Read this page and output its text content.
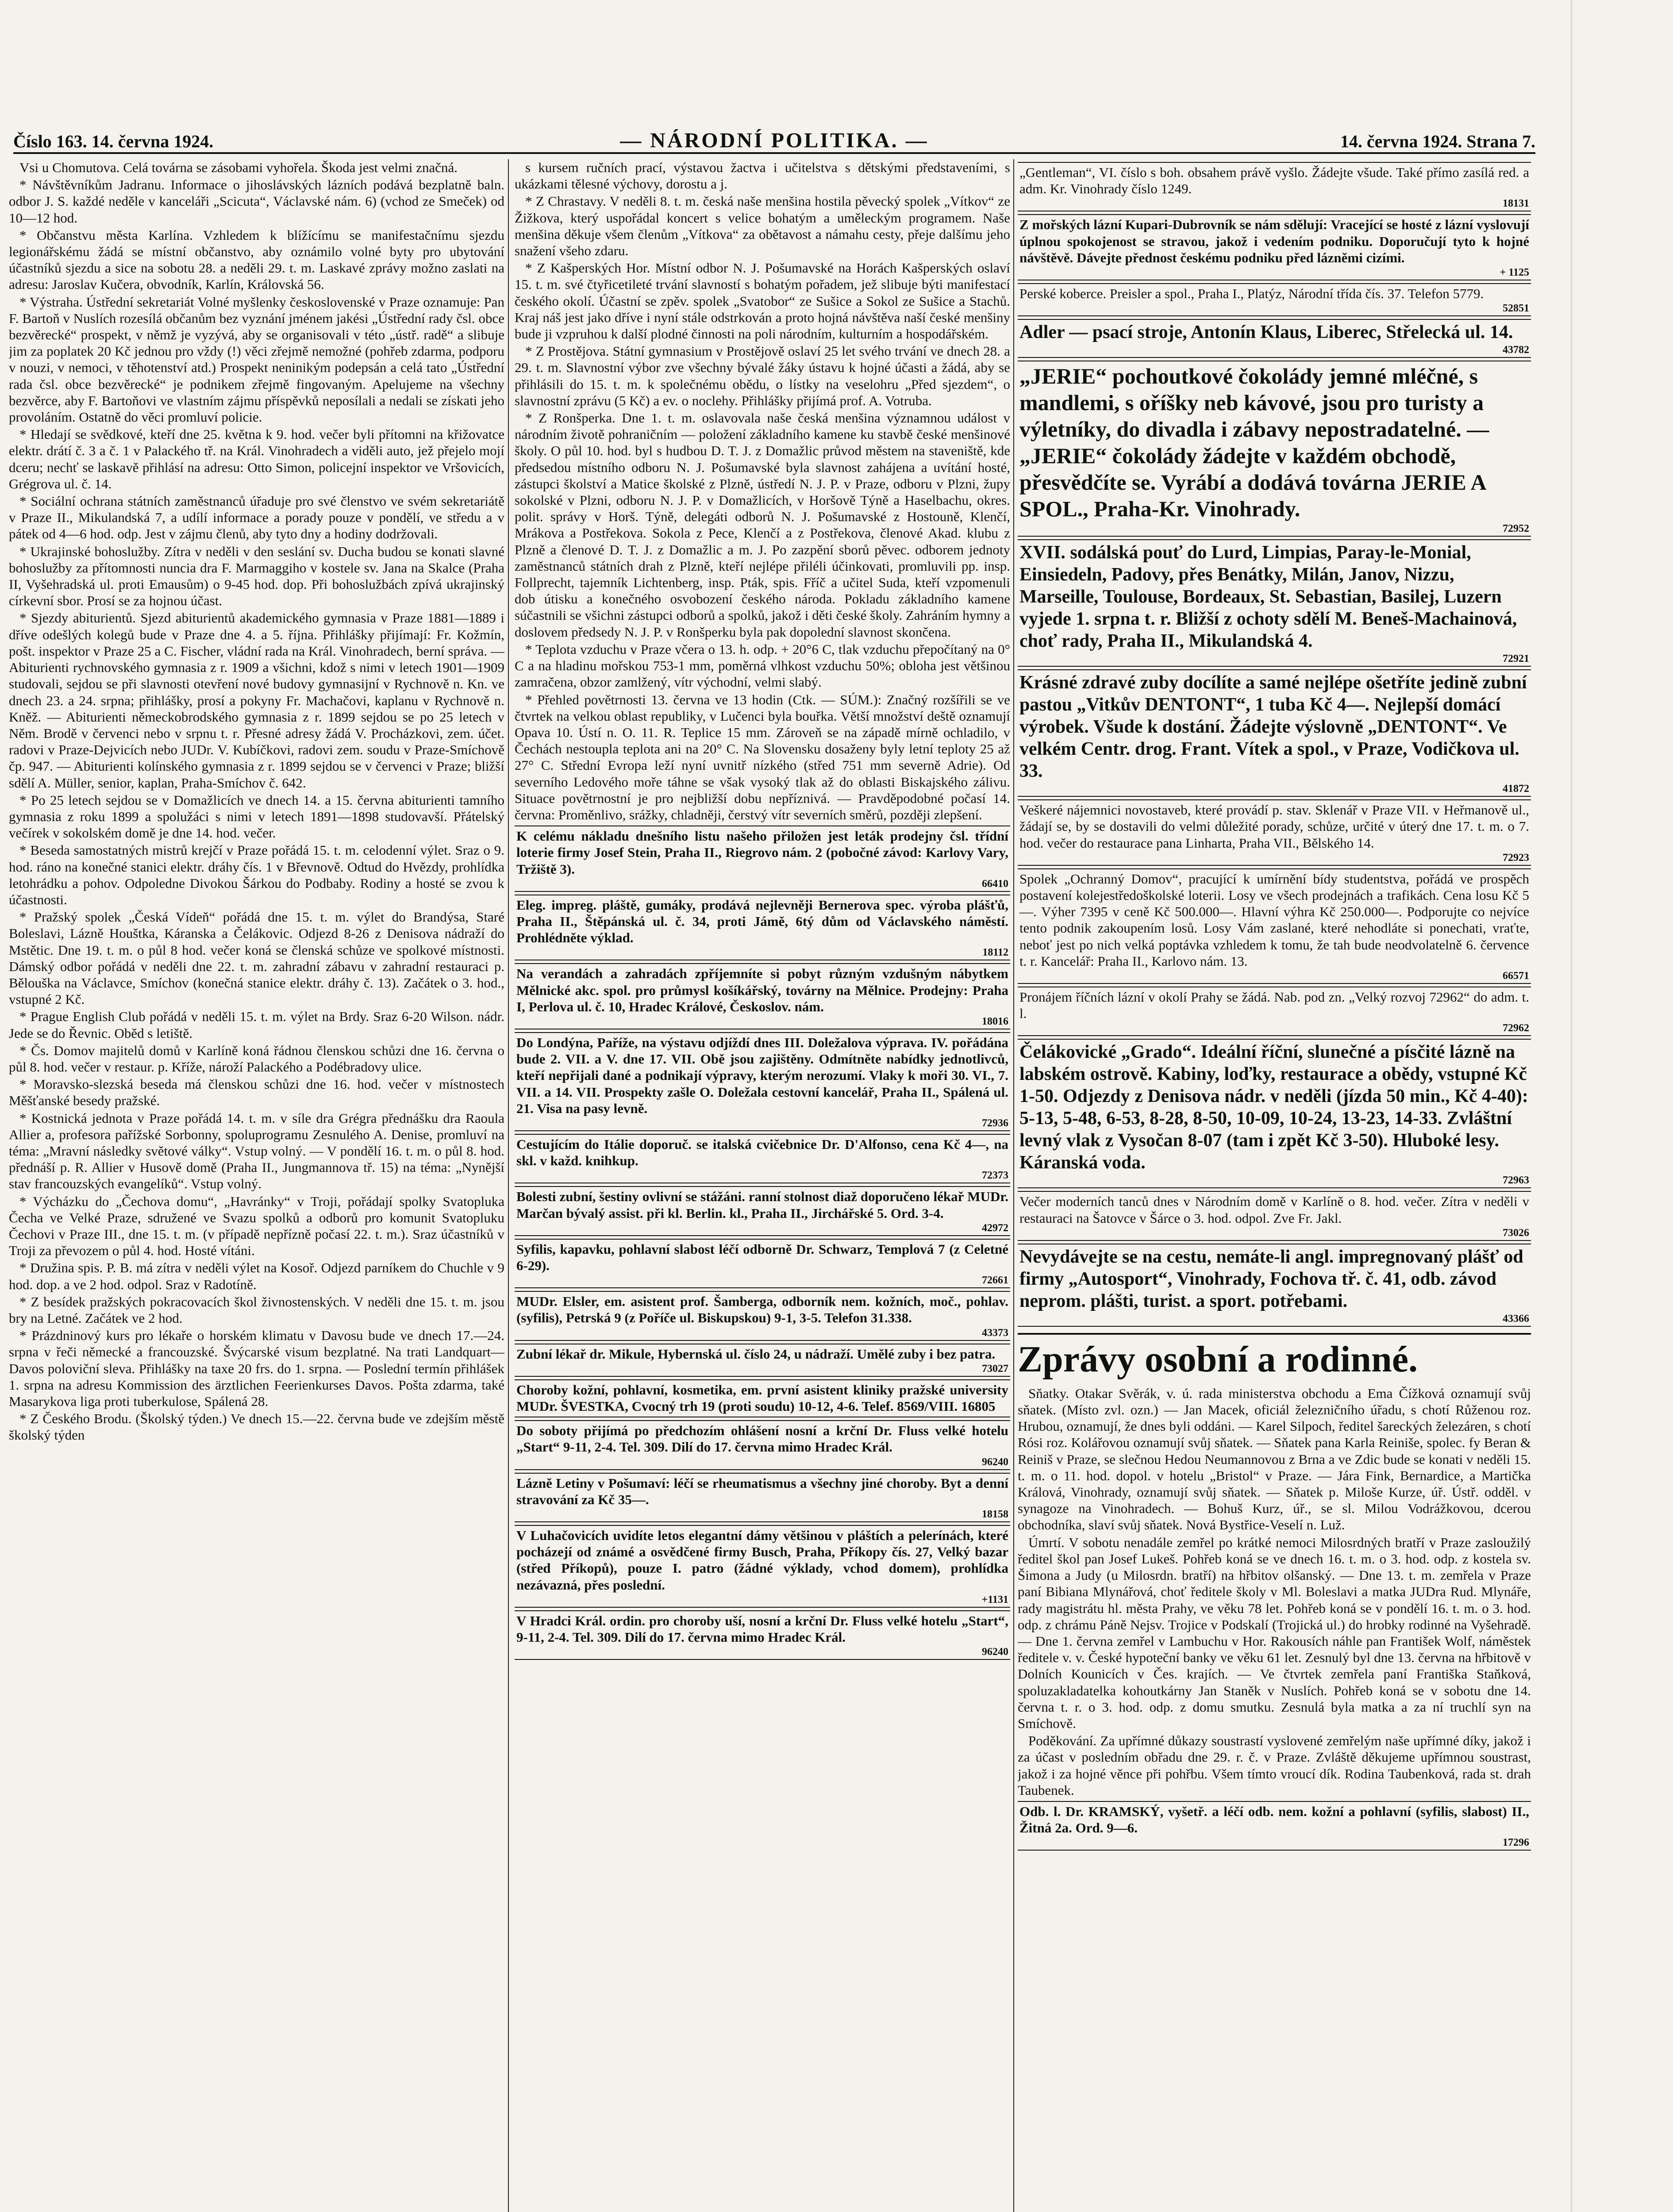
Číslo 163. 14. června 1924.	— NÁRODNÍ POLITIKA. —	14. června 1924. Strana 7.

Vsi u Chomutova. Celá továrna se zásobami vyhořela. Škoda jest velmi značná.

* Návštěvníkům Jadranu. Informace o jihoslávských lázních podává bezplatně baln. odbor J. S. každé neděle v kanceláři „Scicuta“, Václavské nám. 6) (vchod ze Smeček) od 10—12 hod.

* Občanstvu města Karlína. Vzhledem k blížícímu se manifestačnímu sjezdu legionářskému žádá se místní občanstvo, aby oznámilo volné byty pro ubytování účastníků sjezdu a sice na sobotu 28. a neděli 29. t. m. Laskavé zprávy možno zaslati na adresu: Jaroslav Kučera, obvodník, Karlín, Královská 56.

* Výstraha. Ústřední sekretariát Volné myšlenky československé v Praze oznamuje: Pan F. Bartoň v Nuslích rozesílá občanům bez vyznání jménem jakési „Ústřední rady čsl. obce bezvěrecké“ prospekt, v němž je vyzývá, aby se organisovali v této „ústř. radě“ a slibuje jim za poplatek 20 Kč jednou pro vždy (!) věci zřejmě nemožné (pohřeb zdarma, podporu v nouzi, v nemoci, v těhotenství atd.) Prospekt neninikým podepsán a celá tato „Ústřední rada čsl. obce bezvěrecké“ je podnikem zřejmě fingovaným. Apelujeme na všechny bezvěrce, aby F. Bartoňovi ve vlastním zájmu příspěvků neposílali a nedali se získati jeho provoláním. Ostatně do věci promluví policie.

* Hledají se svědkové, kteří dne 25. května k 9. hod. večer byli přítomni na křižovatce elektr. drátí č. 3 a č. 1 v Palackého tř. na Král. Vinohradech a viděli auto, jež přejelo mojí dceru; nechť se laskavě přihlásí na adresu: Otto Simon, policejní inspektor ve Vršovicích, Grégrova ul. č. 14.

* Sociální ochrana státních zaměstnanců úřaduje pro své členstvo ve svém sekretariátě v Praze II., Mikulandská 7, a udílí informace a porady pouze v pondělí, ve středu a v pátek od 4—6 hod. odp. Jest v zájmu členů, aby tyto dny a hodiny dodržovali.

* Ukrajinské bohoslužby. Zítra v neděli v den seslání sv. Ducha budou se konati slavné bohoslužby za přítomnosti nuncia dra F. Marmaggiho v kostele sv. Jana na Skalce (Praha II, Vyšehradská ul. proti Emausům) o 9-45 hod. dop. Při bohoslužbách zpívá ukrajinský církevní sbor. Prosí se za hojnou účast.

* Sjezdy abiturientů. Sjezd abiturientů akademického gymnasia v Praze 1881—1889 i dříve odešlých kolegů bude v Praze dne 4. a 5. října. Přihlášky přijímají: Fr. Kožmín, pošt. inspektor v Praze 25 a C. Fischer, vládní rada na Král. Vinohradech, berní správa. — Abiturienti rychnovského gymnasia z r. 1909 a všichni, kdož s nimi v letech 1901—1909 studovali, sejdou se při slavnosti otevření nové budovy gymnasijní v Rychnově n. Kn. ve dnech 23. a 24. srpna; přihlášky, prosí a pokyny Fr. Machačovi, kaplanu v Rychnově n. Kněž. — Abiturienti německobrodského gymnasia z r. 1899 sejdou se po 25 letech v Něm. Brodě v červenci nebo v srpnu t. r. Přesné adresy žádá V. Procházkovi, zem. účet. radovi v Praze-Dejvicích nebo JUDr. V. Kubíčkovi, radovi zem. soudu v Praze-Smíchově čp. 947. — Abiturienti kolínského gymnasia z r. 1899 sejdou se v červenci v Praze; bližší sdělí A. Müller, senior, kaplan, Praha-Smíchov č. 642.

* Po 25 letech sejdou se v Domažlicích ve dnech 14. a 15. června abiturienti tamního gymnasia z roku 1899 a spolužáci s nimi v letech 1891—1898 studovavší. Přátelský večírek v sokolském domě je dne 14. hod. večer.

* Beseda samostatných mistrů krejčí v Praze pořádá 15. t. m. celodenní výlet. Sraz o 9. hod. ráno na konečné stanici elektr. dráhy čís. 1 v Břevnově. Odtud do Hvězdy, prohlídka letohrádku a pohov. Odpoledne Divokou Šárkou do Podbaby. Rodiny a hosté se zvou k účastnosti.

* Pražský spolek „Česká Vídeň“ pořádá dne 15. t. m. výlet do Brandýsa, Staré Boleslavi, Lázně Houštka, Káranska a Čelákovic. Odjezd 8-26 z Denisova nádraží do Mstětic. Dne 19. t. m. o půl 8 hod. večer koná se členská schůze ve spolkové místnosti. Dámský odbor pořádá v neděli dne 22. t. m. zahradní zábavu v zahradní restauraci p. Bělouška na Václavce, Smíchov (konečná stanice elektr. dráhy č. 13). Začátek o 3. hod., vstupné 2 Kč.

* Prague English Club pořádá v neděli 15. t. m. výlet na Brdy. Sraz 6-20 Wilson. nádr. Jede se do Řevnic. Oběd s letiště.

* Čs. Domov majitelů domů v Karlíně koná řádnou členskou schůzi dne 16. června o půl 8. hod. večer v restaur. p. Kříže, nároží Palackého a Podébradovy ulice.

* Moravsko-slezská beseda má členskou schůzi dne 16. hod. večer v místnostech Měšťanské besedy pražské.

* Kostnická jednota v Praze pořádá 14. t. m. v síle dra Grégra přednášku dra Raoula Allier a, profesora pařížské Sorbonny, spoluprogramu Zesnulého A. Denise, promluví na téma: „Mravní následky světové války“. Vstup volný. — V pondělí 16. t. m. o půl 8. hod. přednáší p. R. Allier v Husově domě (Praha II., Jungmannova tř. 15) na téma: „Nynější stav francouzských evangelíků“. Vstup volný.

* Výcházku do „Čechova domu“, „Havránky“ v Troji, pořádají spolky Svatopluka Čecha ve Velké Praze, sdružené ve Svazu spolků a odborů pro komunit Svatopluku Čechovi v Praze III., dne 15. t. m. (v případě nepřízně počasí 22. t. m.). Sraz účastníků v Troji za převozem o půl 4. hod. Hosté vítáni.

* Družina spis. P. B. má zítra v neděli výlet na Kosoř. Odjezd parníkem do Chuchle v 9 hod. dop. a ve 2 hod. odpol. Sraz v Radotíně.

* Z besídek pražských pokracovacích škol živnostenských. V neděli dne 15. t. m. jsou bry na Letné. Začátek ve 2 hod.

* Prázdninový kurs pro lékaře o horském klimatu v Davosu bude ve dnech 17.—24. srpna v řeči německé a francouzské. Švýcarské visum bezplatné. Na trati Landquart—Davos poloviční sleva. Přihlášky na taxe 20 frs. do 1. srpna. — Poslední termín přihlášek 1. srpna na adresu Kommission des ärztlichen Feerienkurses Davos. Pošta zdarma, také Masarykova liga proti tuberkulose, Spálená 28.

* Z Českého Brodu. (Školský týden.) Ve dnech 15.—22. června bude ve zdejším městě školský týden

s kursem ručních prací, výstavou žactva i učitelstva s dětskými představeními, s ukázkami tělesné výchovy, dorostu a j.

* Z Chrastavy. V neděli 8. t. m. česká naše menšina hostila pěvecký spolek „Vítkov“ ze Žižkova, který uspořádal koncert s velice bohatým a uměleckým programem. Naše menšina děkuje všem členům „Vítkova“ za obětavost a námahu cesty, přeje dalšímu jeho snažení všeho zdaru.

* Z Kašperských Hor. Místní odbor N. J. Pošumavské na Horách Kašperských oslaví 15. t. m. své čtyřicetileté trvání slavností s bohatým pořadem, jež slibuje býti manifestací českého okolí. Účastní se zpěv. spolek „Svatobor“ ze Sušice a Sokol ze Sušice a Stachů. Kraj náš jest jako dříve i nyní stále odstrkován a proto hojná návštěva naší české menšiny bude ji vzpruhou k další plodné činnosti na poli národním, kulturním a hospodářském.

* Z Prostějova. Státní gymnasium v Prostějově oslaví 25 let svého trvání ve dnech 28. a 29. t. m. Slavnostní výbor zve všechny bývalé žáky ústavu k hojné účasti a žádá, aby se přihlásili do 15. t. m. k společnému obědu, o lístky na veselohru „Před sjezdem“, o slavnostní zprávu (5 Kč) a ev. o noclehy. Přihlášky přijímá prof. A. Votruba.

* Z Ronšperka. Dne 1. t. m. oslavovala naše česká menšina významnou událost v národním životě pohraničním — položení základního kamene ku stavbě české menšinové školy. O půl 10. hod. byl s hudbou D. T. J. z Domažlic průvod městem na staveniště, kde předsedou místního odboru N. J. Pošumavské byla slavnost zahájena a uvítání hosté, zástupci školství a Matice školské z Plzně, ústředí N. J. P. v Praze, odboru v Plzni, župy sokolské v Plzni, odboru N. J. P. v Domažlicích, v Horšově Týně a Haselbachu, okres. polit. správy v Horš. Týně, delegáti odborů N. J. Pošumavské z Hostouně, Klenčí, Mrákova a Postřekova. Sokola z Pece, Klenčí a z Postřekova, členové Akad. klubu z Plzně a členové D. T. J. z Domažlic a m. J. Po zazpění sborů pěvec. odborem jednoty zaměstnanců státních drah z Plzně, kteří nejlépe přiléli účinkovati, promluvili pp. insp. Follprecht, tajemník Lichtenberg, insp. Pták, spis. Fříč a učitel Suda, kteří vzpomenuli dob útisku a konečného osvobození českého národa. Pokladu základního kamene súčastnili se všichni zástupci odborů a spolků, jakož i děti české školy. Zahráním hymny a doslovem předsedy N. J. P. v Ronšperku byla pak dopolední slavnost skončena.

* Teplota vzduchu v Praze včera o 13. h. odp. + 20°6 C, tlak vzduchu přepočítaný na 0° C a na hladinu mořskou 753-1 mm, poměrná vlhkost vzduchu 50%; obloha jest většinou zamračena, obzor zamlžený, vítr východní, velmi slabý.

* Přehled povětrnosti 13. června ve 13 hodin (Ctk. — SÚM.): Značný rozšířili se ve čtvrtek na velkou oblast republiky, v Lučenci byla bouřka. Větší množství deště oznamují Opava 10. Ústí n. O. 11. R. Teplice 15 mm. Zároveň se na západě mírně ochladilo, v Čechách nestoupla teplota ani na 20° C. Na Slovensku dosaženy byly letní teploty 25 až 27° C. Střední Evropa leží nyní uvnitř nízkého (střed 751 mm severně Adrie). Od severního Ledového moře táhne se však vysoký tlak až do oblasti Biskajského zálivu. Situace povětrnostní je pro nejbližší dobu nepříznivá. — Pravděpodobné počasí 14. června: Proměnlivo, srážky, chladněji, čerstvý vítr severních směrů, později zlepšení.

K celému nákladu dnešního listu našeho přiložen jest leták prodejny čsl. třídní loterie firmy Josef Stein, Praha II., Riegrovo nám. 2 (pobočné závod: Karlovy Vary, Tržiště 3).

66410

Eleg. impreg. pláště, gumáky, prodává nejlevněji Bernerova spec. výroba plášťů, Praha II., Štěpánská ul. č. 34, proti Jámě, 6tý dům od Václavského náměstí. Prohlédněte výklad.

18112

Na verandách a zahradách zpříjemníte si pobyt různým vzdušným nábytkem Mělnické akc. spol. pro průmysl košíkářský, továrny na Mělnice. Prodejny: Praha I, Perlova ul. č. 10, Hradec Králové, Českoslov. nám.

18016

Do Londýna, Paříže, na výstavu odjíždí dnes III. Doležalova výprava. IV. pořádána bude 2. VII. a V. dne 17. VII. Obě jsou zajištěny. Odmítněte nabídky jednotlivců, kteří nepřijali dané a podnikají výpravy, kterým nerozumí. Vlaky k moři 30. VI., 7. VII. a 14. VII. Prospekty zašle O. Doležala cestovní kancelář, Praha II., Spálená ul. 21. Visa na pasy levně.

72936

Cestujícím do Itálie doporuč. se italská cvičebnice Dr. D'Alfonso, cena Kč 4—, na skl. v každ. knihkup.

72373

Bolesti zubní, šestiny ovlivní se stážáni. ranní stolnost diaž doporučeno lékař MUDr. Marčan bývalý assist. při kl. Berlin. kl., Praha II., Jirchářské 5. Ord. 3-4.

42972

Syfilis, kapavku, pohlavní slabost léčí odborně Dr. Schwarz, Templová 7 (z Celetné 6-29).

72661

MUDr. Elsler, em. asistent prof. Šamberga, odborník nem. kožních, moč., pohlav. (syfilis), Petrská 9 (z Poříče ul. Biskupskou) 9-1, 3-5. Telefon 31.338.

43373

Zubní lékař dr. Mikule, Hybernská ul. číslo 24, u nádraží. Umělé zuby i bez patra.

73027

Choroby kožní, pohlavní, kosmetika, em. první asistent kliniky pražské university MUDr. ŠVESTKA, Cvocný trh 19 (proti soudu) 10-12, 4-6. Telef. 8569/VIII. 16805

Do soboty přijímá po předchozím ohlášení nosní a krční Dr. Fluss velké hotelu „Start“ 9-11, 2-4. Tel. 309. Dilí do 17. června mimo Hradec Král.

96240

Lázně Letiny v Pošumaví: léčí se rheumatismus a všechny jiné choroby. Byt a denní stravování za Kč 35—.

18158

V Luhačovicích uvidíte letos elegantní dámy většinou v pláštích a pelerínách, které pocházejí od známé a osvědčené firmy Busch, Praha, Příkopy čís. 27, Velký bazar (střed Příkopů), pouze I. patro (žádné výklady, vchod domem), prohlídka nezávazná, přes poslední.

+1131

V Hradci Král. ordin. pro choroby uší, nosní a krční Dr. Fluss velké hotelu „Start“, 9-11, 2-4. Tel. 309. Dilí do 17. června mimo Hradec Král.

96240

„Gentleman“, VI. číslo s boh. obsahem právě vyšlo. Žádejte všude. Také přímo zasílá red. a adm. Kr. Vinohrady číslo 1249.

18131

Z mořských lázní Kupari-Dubrovník se nám sdělují: Vracející se hosté z lázní vyslovují úplnou spokojenost se stravou, jakož i vedením podniku. Doporučují tyto k hojné návštěvě. Dávejte přednost českému podniku před lázněmi cizími.

+ 1125

Perské koberce. Preisler a spol., Praha I., Platýz, Národní třída čís. 37. Telefon 5779.

52851

Adler — psací stroje, Antonín Klaus, Liberec, Střelecká ul. 14.

43782

„JERIE“ pochoutkové čokolády jemné mléčné, s mandlemi, s oříšky neb kávové, jsou pro turisty a výletníky, do divadla i zábavy nepostradatelné. — „JERIE“ čokolády žádejte v každém obchodě, přesvědčíte se. Vyrábí a dodává továrna JERIE A SPOL., Praha-Kr. Vinohrady.

72952

XVII. sodálská pouť do Lurd, Limpias, Paray-le-Monial, Einsiedeln, Padovy, přes Benátky, Milán, Janov, Nizzu, Marseille, Toulouse, Bordeaux, St. Sebastian, Basilej, Luzern vyjede 1. srpna t. r. Bližší z ochoty sdělí M. Beneš-Machainová, choť rady, Praha II., Mikulandská 4.

72921

Krásné zdravé zuby docílíte a samé nejlépe ošetříte jedině zubní pastou „Vitkův DENTONT“, 1 tuba Kč 4—. Nejlepší domácí výrobek. Všude k dostání. Žádejte výslovně „DENTONT“. Ve velkém Centr. drog. Frant. Vítek a spol., v Praze, Vodičkova ul. 33.

41872

Veškeré nájemnici novostaveb, které provádí p. stav. Sklenář v Praze VII. v Heřmanově ul., žádají se, by se dostavili do velmi důležité porady, schůze, určité v úterý dne 17. t. m. o 7. hod. večer do restaurace pana Linharta, Praha VII., Bělského 14.

72923

Spolek „Ochranný Domov“, pracující k umírnění bídy studentstva, pořádá ve prospěch postavení kolejestředoškolské loterii. Losy ve všech prodejnách a trafikách. Cena losu Kč 5—. Výher 7395 v ceně Kč 500.000—. Hlavní výhra Kč 250.000—. Podporujte co nejvíce tento podnik zakoupením losů. Losy Vám zaslané, které nehodláte si ponechati, vraťte, neboť jest po nich velká poptávka vzhledem k tomu, že tah bude neodvolatelně 6. července t. r. Kancelář: Praha II., Karlovo nám. 13.

66571

Pronájem říčních lázní v okolí Prahy se žádá. Nab. pod zn. „Velký rozvoj 72962“ do adm. t. l.

72962

Čelákovické „Grado“. Ideální říční, slunečné a písčité lázně na labském ostrově. Kabiny, loďky, restaurace a obědy, vstupné Kč 1-50. Odjezdy z Denisova nádr. v neděli (jízda 50 min., Kč 4-40): 5-13, 5-48, 6-53, 8-28, 8-50, 10-09, 10-24, 13-23, 14-33. Zvláštní levný vlak z Vysočan 8-07 (tam i zpět Kč 3-50). Hluboké lesy. Káranská voda.

72963

Večer moderních tanců dnes v Národním domě v Karlíně o 8. hod. večer. Zítra v neděli v restauraci na Šatovce v Šárce o 3. hod. odpol. Zve Fr. Jakl.

73026

Nevydávejte se na cestu, nemáte-li angl. impregnovaný plášť od firmy „Autosport“, Vinohrady, Fochova tř. č. 41, odb. závod neprom. plášti, turist. a sport. potřebami.

43366
Zprávy osobní a rodinné.

Sňatky. Otakar Svěrák, v. ú. rada ministerstva obchodu a Ema Čížková oznamují svůj sňatek. (Místo zvl. ozn.) — Jan Macek, oficiál železničního úřadu, s chotí Růženou roz. Hrubou, oznamují, že dnes byli oddáni. — Karel Silpoch, ředitel šareckých železáren, s chotí Rósi roz. Kolářovou oznamují svůj sňatek. — Sňatek pana Karla Reiniše, spolec. fy Beran & Reiniš v Praze, se slečnou Hedou Neumannovou z Brna a ve Zdic bude se konati v neděli 15. t. m. o 11. hod. dopol. v hotelu „Bristol“ v Praze. — Jára Fink, Bernardice, a Martička Králová, Vinohrady, oznamují svůj sňatek. — Sňatek p. Miloše Kurze, úř. Ústř. odděl. v synagoze na Vinohradech. — Bohuš Kurz, úř., se sl. Milou Vodrážkovou, dcerou obchodníka, slaví svůj sňatek. Nová Bystřice-Veselí n. Luž.

Úmrtí. V sobotu nenadále zemřel po krátké nemoci Milosrdných bratří v Praze zasloužilý ředitel škol pan Josef Lukeš. Pohřeb koná se ve dnech 16. t. m. o 3. hod. odp. z kostela sv. Šimona a Judy (u Milosrdn. bratří) na hřbitov olšanský. — Dne 13. t. m. zemřela v Praze paní Bibiana Mlynářová, choť ředitele školy v Ml. Boleslavi a matka JUDra Rud. Mlynáře, rady magistrátu hl. města Prahy, ve věku 78 let. Pohřeb koná se v pondělí 16. t. m. o 3. hod. odp. z chrámu Páně Nejsv. Trojice v Podskalí (Trojická ul.) do hrobky rodinné na Vyšehradě. — Dne 1. června zemřel v Lambuchu v Hor. Rakousích náhle pan František Wolf, náměstek ředitele v. v. České hypoteční banky ve věku 61 let. Zesnulý byl dne 13. června na hřbitově v Dolních Kounicích v Čes. krajích. — Ve čtvrtek zemřela paní Františka Staňková, spoluzakladatelka kohoutkárny Jan Staněk v Nuslích. Pohřeb koná se v sobotu dne 14. června t. r. o 3. hod. odp. z domu smutku. Zesnulá byla matka a za ní truchlí syn na Smíchově.

Poděkování. Za upřímné důkazy soustrastí vyslovené zemřelým naše upřímné díky, jakož i za účast v posledním obřadu dne 29. r. č. v Praze. Zvláště děkujeme upřímnou soustrast, jakož i za hojné věnce při pohřbu. Všem tímto vroucí dík. Rodina Taubenková, rada st. drah Taubenek.

Odb. l. Dr. KRAMSKÝ, vyšetř. a léčí odb. nem. kožní a pohlavní (syfilis, slabost) II., Žitná 2a. Ord. 9—6.

17296
